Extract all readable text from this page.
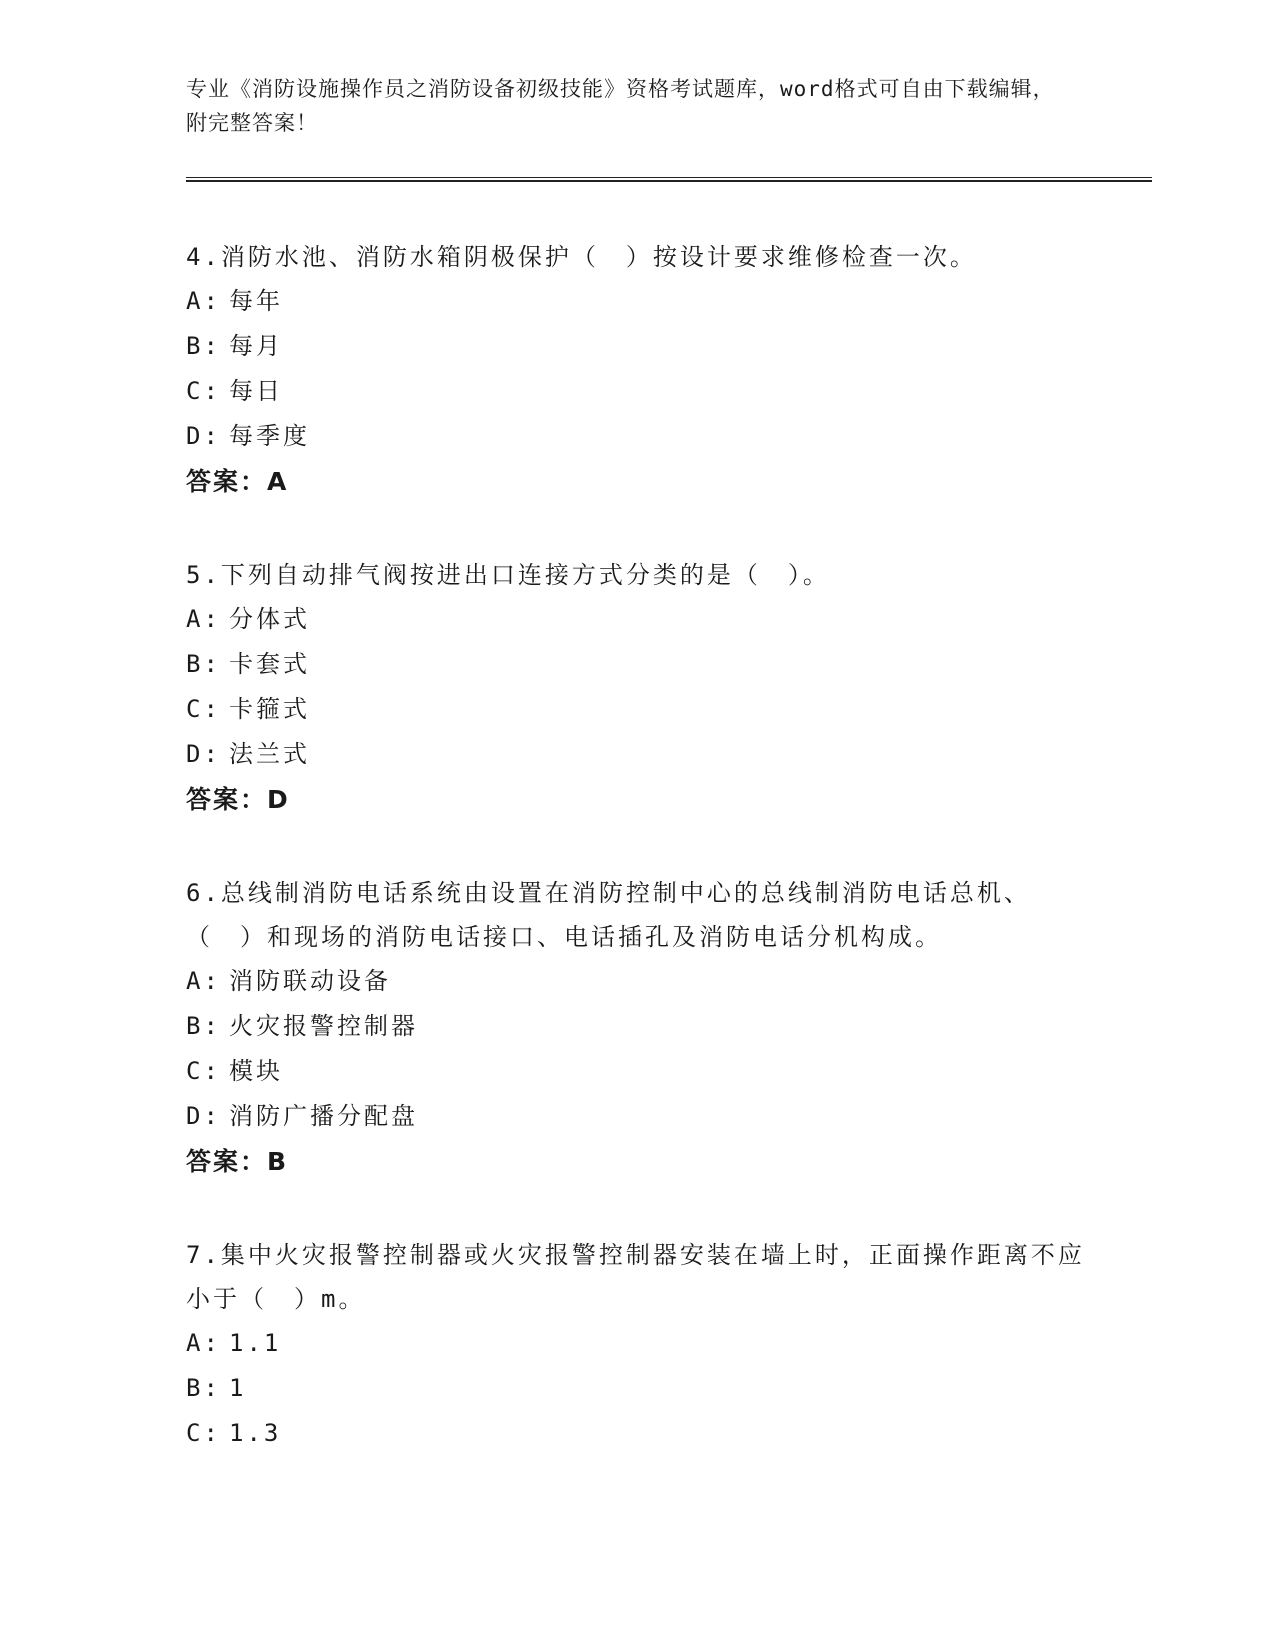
专业《消防设施操作员之消防设备初级技能》资格考试题库，word格式可自由下载编辑，附完整答案！

4.消防水池、消防水箱阴极保护（　）按设计要求维修检查一次。

A: 每年

B: 每月

C: 每日

D: 每季度

答案：A

5.下列自动排气阀按进出口连接方式分类的是（　）。

A: 分体式

B: 卡套式

C: 卡箍式

D: 法兰式

答案：D

6.总线制消防电话系统由设置在消防控制中心的总线制消防电话总机、（　）和现场的消防电话接口、电话插孔及消防电话分机构成。

A: 消防联动设备

B: 火灾报警控制器

C: 模块

D: 消防广播分配盘

答案：B

7.集中火灾报警控制器或火灾报警控制器安装在墙上时，正面操作距离不应小于（　）m。

A: 1.1

B: 1

C: 1.3
